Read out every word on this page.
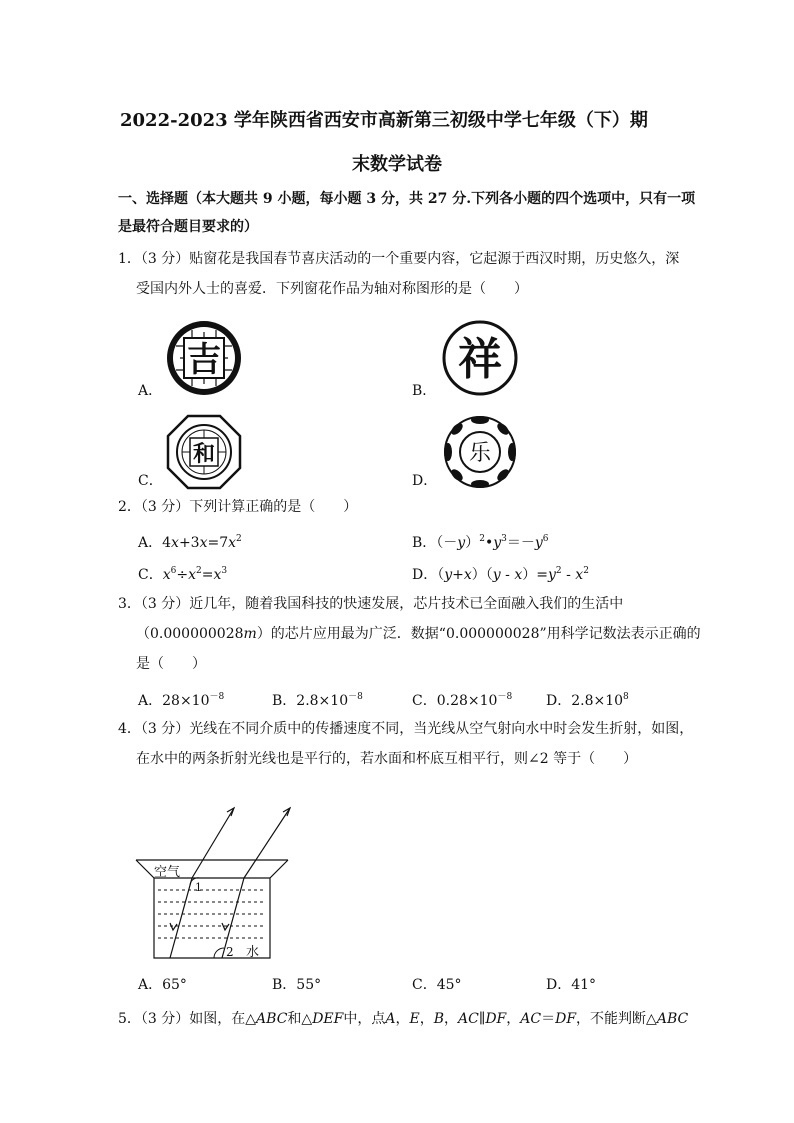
2022-2023 学年陕西省西安市高新第三初级中学七年级（下）期
末数学试卷
一、选择题（本大题共 9 小题，每小题 3 分，共 27 分.下列各小题的四个选项中，只有一项
是最符合题目要求的）
1．（3 分）贴窗花是我国春节喜庆活动的一个重要内容，它起源于西汉时期，历史悠久，深
受国内外人士的喜爱．下列窗花作品为轴对称图形的是（　　）
吉
A．
祥
B．
和
C．
乐
D．
2．（3 分）下列计算正确的是（　　）
A．$4x+3x=7x^2$	B．$(-y)^2•y^3=-y^6$
C．$x^6\div x^2=x^3$	D．$(y+x)(y - x)=y^2 - x^2$
3．（3 分）近几年，随着我国科技的快速发展，芯片技术已全面融入我们的生活中
（0.000000028m）的芯片应用最为广泛．数据“0.000000028”用科学记数法表示正确的
是（　　）
A．$28\times 10^{-8}$	B．$2.8\times 10^{-8}$	C．$0.28\times 10^{-8}$ D．$2.8\times 10^8$
4．（3 分）光线在不同介质中的传播速度不同，当光线从空气射向水中时会发生折射，如图，
在水中的两条折射光线也是平行的，若水面和杯底互相平行，则∠2 等于（　　）
空气
1
2 水
A．65°	B．55°	C．45°	D．41°
5．（3 分）如图，在△ABC和△DEF中，点A，E，B，AC∥DF，AC＝DF，不能判断△ABC
